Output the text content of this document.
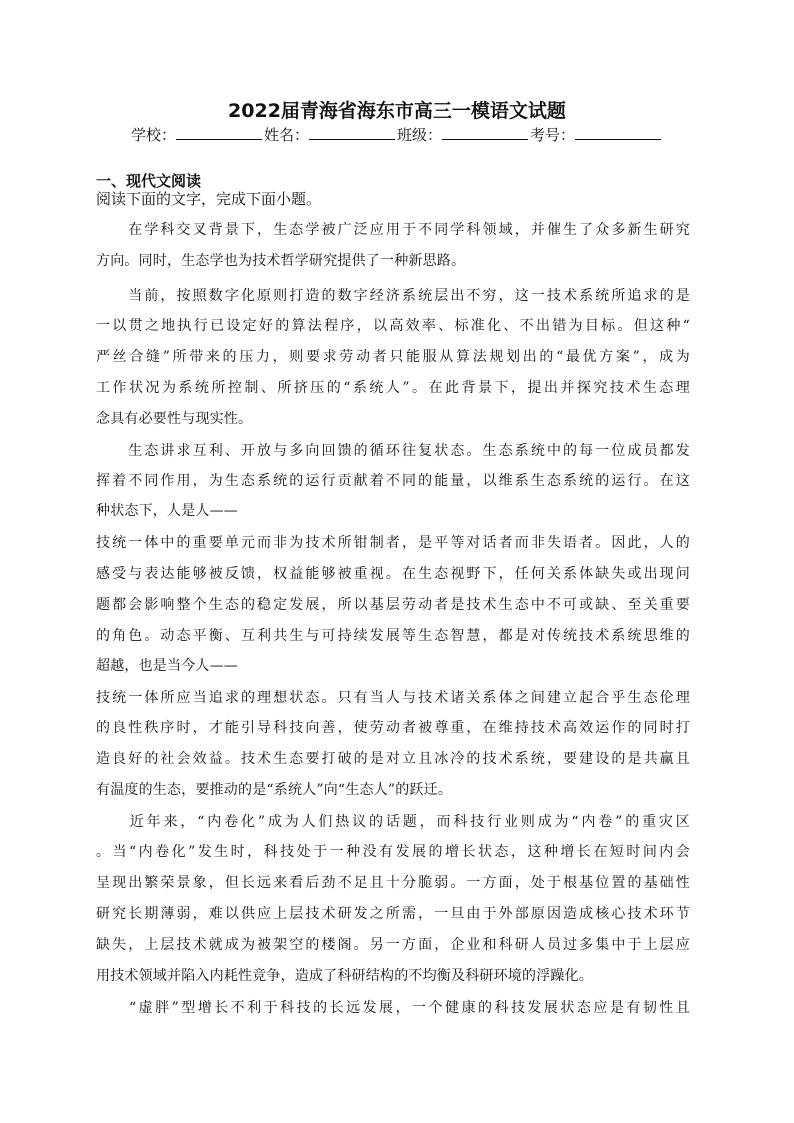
2022届青海省海东市高三一模语文试题
学校：	姓名：	班级：	考号：
一、现代文阅读
阅读下面的文字，完成下面小题。
　　在学科交叉背景下，生态学被广泛应用于不同学科领域，并催生了众多新生研究
方向。同时，生态学也为技术哲学研究提供了一种新思路。
　　当前，按照数字化原则打造的数字经济系统层出不穷，这一技术系统所追求的是
一以贯之地执行已设定好的算法程序，以高效率、标准化、不出错为目标。但这种“
严丝合缝”所带来的压力，则要求劳动者只能服从算法规划出的“最优方案”，成为
工作状况为系统所控制、所挤压的“系统人”。在此背景下，提出并探究技术生态理
念具有必要性与现实性。
　　生态讲求互利、开放与多向回馈的循环往复状态。生态系统中的每一位成员都发
挥着不同作用，为生态系统的运行贡献着不同的能量，以维系生态系统的运行。在这
种状态下，人是人——
技统一体中的重要单元而非为技术所钳制者，是平等对话者而非失语者。因此，人的
感受与表达能够被反馈，权益能够被重视。在生态视野下，任何关系体缺失或出现问
题都会影响整个生态的稳定发展，所以基层劳动者是技术生态中不可或缺、至关重要
的角色。动态平衡、互利共生与可持续发展等生态智慧，都是对传统技术系统思维的
超越，也是当今人——
技统一体所应当追求的理想状态。只有当人与技术诸关系体之间建立起合乎生态伦理
的良性秩序时，才能引导科技向善，使劳动者被尊重，在维持技术高效运作的同时打
造良好的社会效益。技术生态要打破的是对立且冰冷的技术系统，要建设的是共赢且
有温度的生态，要推动的是“系统人”向“生态人”的跃迁。
　　近年来，“内卷化”成为人们热议的话题，而科技行业则成为“内卷”的重灾区
。当“内卷化”发生时，科技处于一种没有发展的增长状态，这种增长在短时间内会
呈现出繁荣景象，但长远来看后劲不足且十分脆弱。一方面，处于根基位置的基础性
研究长期薄弱，难以供应上层技术研发之所需，一旦由于外部原因造成核心技术环节
缺失，上层技术就成为被架空的楼阁。另一方面，企业和科研人员过多集中于上层应
用技术领域并陷入内耗性竞争，造成了科研结构的不均衡及科研环境的浮躁化。
　　“虚胖”型增长不利于科技的长远发展，一个健康的科技发展状态应是有韧性且
